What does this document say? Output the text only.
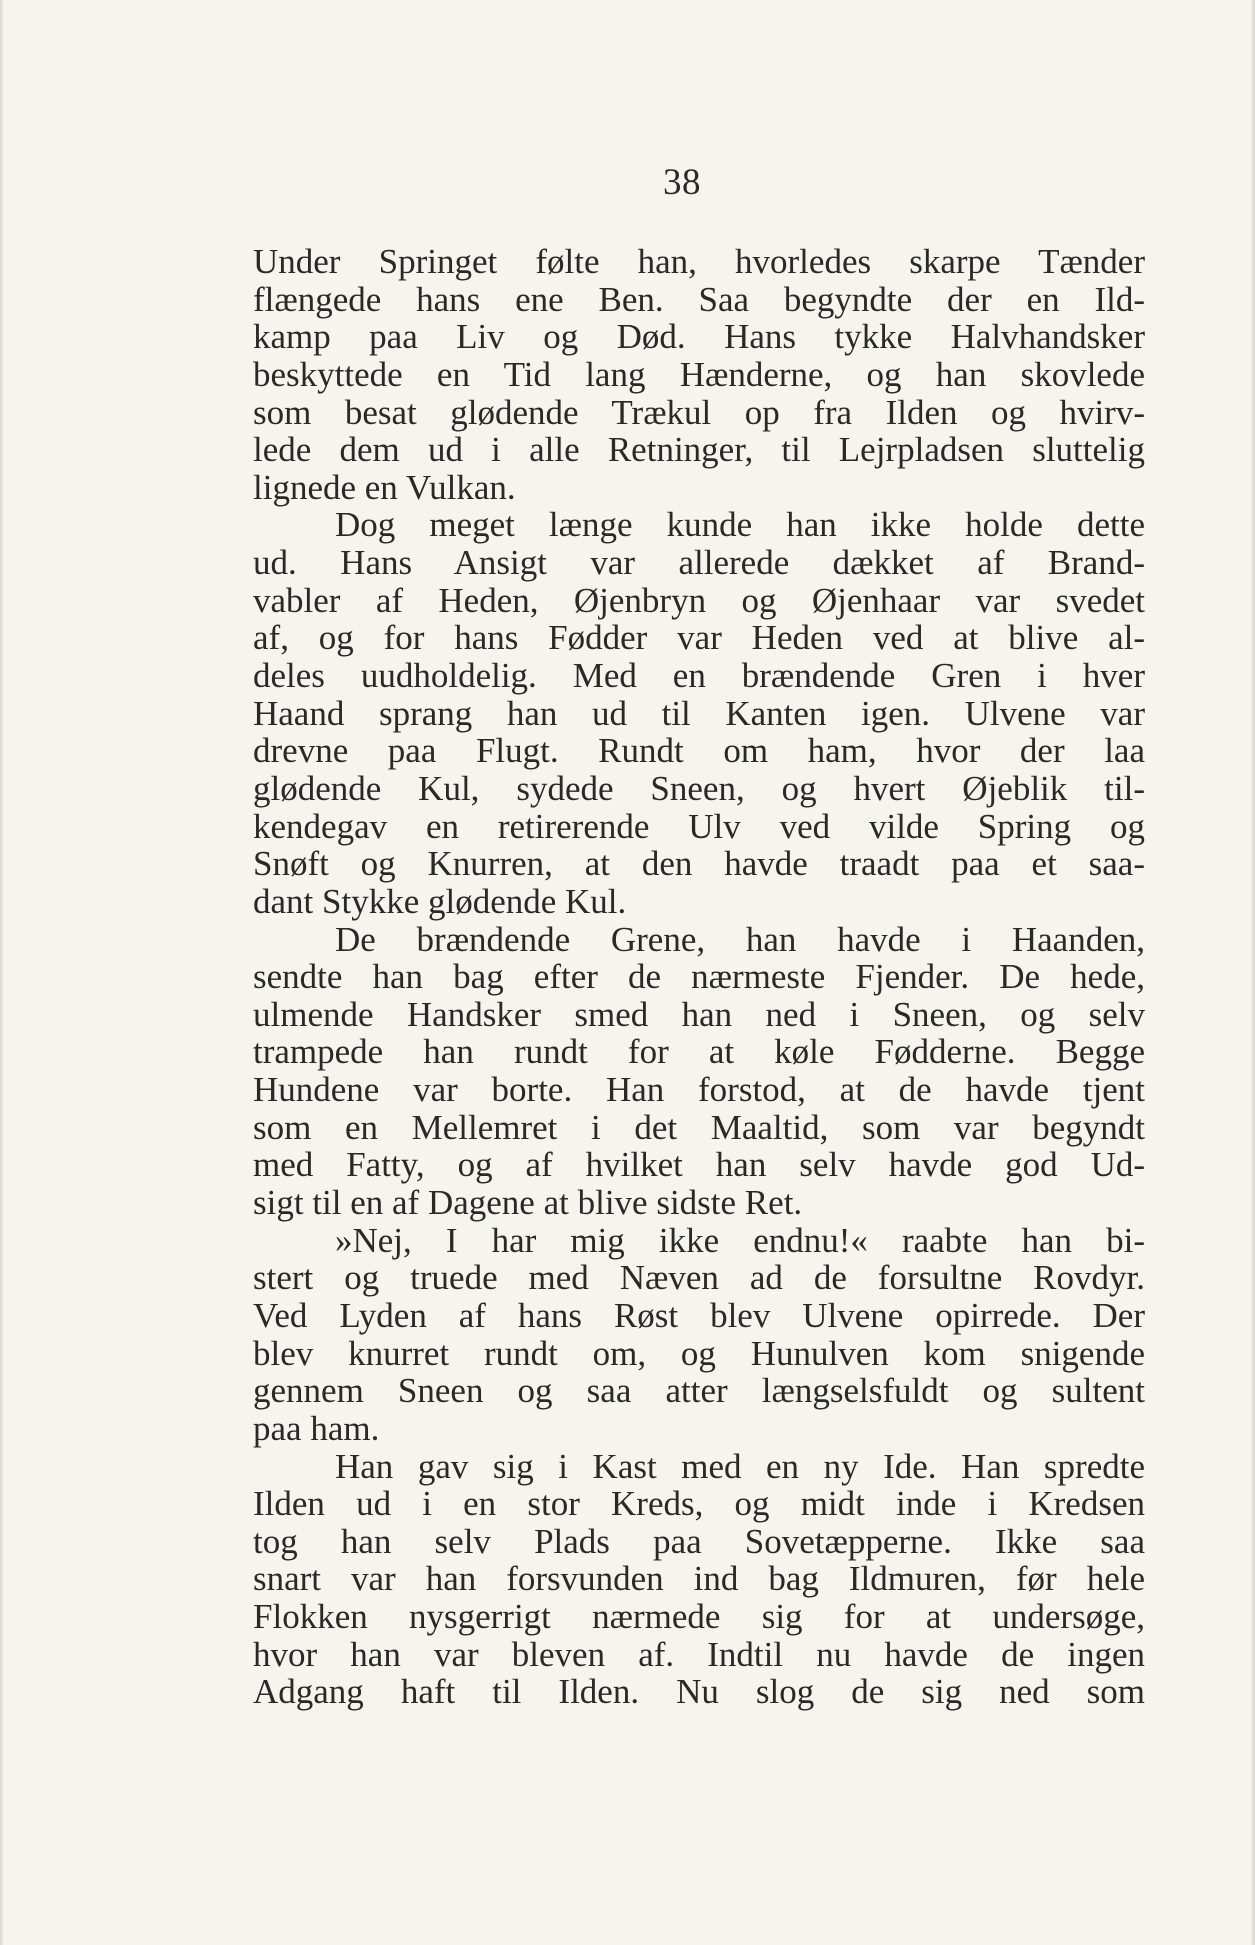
38
Under Springet følte han, hvorledes skarpe Tænder
flængede hans ene Ben. Saa begyndte der en Ild-
kamp paa Liv og Død. Hans tykke Halvhandsker
beskyttede en Tid lang Hænderne, og han skovlede
som besat glødende Trækul op fra Ilden og hvirv-
lede dem ud i alle Retninger, til Lejrpladsen sluttelig
lignede en Vulkan.
Dog meget længe kunde han ikke holde dette
ud. Hans Ansigt var allerede dækket af Brand-
vabler af Heden, Øjenbryn og Øjenhaar var svedet
af, og for hans Fødder var Heden ved at blive al-
deles uudholdelig. Med en brændende Gren i hver
Haand sprang han ud til Kanten igen. Ulvene var
drevne paa Flugt. Rundt om ham, hvor der laa
glødende Kul, sydede Sneen, og hvert Øjeblik til-
kendegav en retirerende Ulv ved vilde Spring og
Snøft og Knurren, at den havde traadt paa et saa-
dant Stykke glødende Kul.
De brændende Grene, han havde i Haanden,
sendte han bag efter de nærmeste Fjender. De hede,
ulmende Handsker smed han ned i Sneen, og selv
trampede han rundt for at køle Fødderne. Begge
Hundene var borte. Han forstod, at de havde tjent
som en Mellemret i det Maaltid, som var begyndt
med Fatty, og af hvilket han selv havde god Ud-
sigt til en af Dagene at blive sidste Ret.
»Nej, I har mig ikke endnu!« raabte han bi-
stert og truede med Næven ad de forsultne Rovdyr.
Ved Lyden af hans Røst blev Ulvene opirrede. Der
blev knurret rundt om, og Hunulven kom snigende
gennem Sneen og saa atter længselsfuldt og sultent
paa ham.
Han gav sig i Kast med en ny Ide. Han spredte
Ilden ud i en stor Kreds, og midt inde i Kredsen
tog han selv Plads paa Sovetæpperne. Ikke saa
snart var han forsvunden ind bag Ildmuren, før hele
Flokken nysgerrigt nærmede sig for at undersøge,
hvor han var bleven af. Indtil nu havde de ingen
Adgang haft til Ilden. Nu slog de sig ned som
